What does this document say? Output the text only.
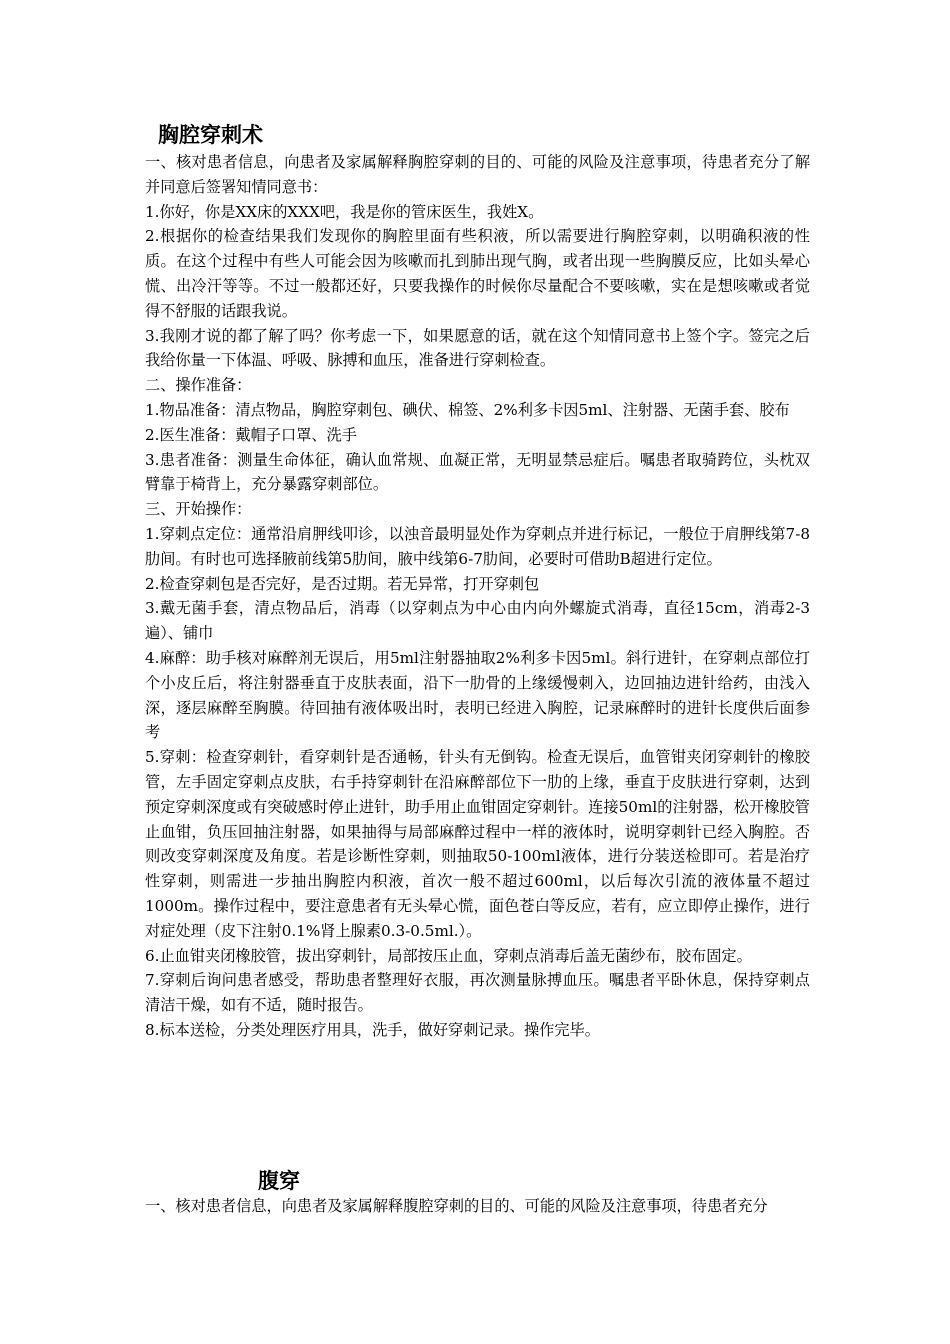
胸腔穿刺术

一、核对患者信息，向患者及家属解释胸腔穿刺的目的、可能的风险及注意事项，待患者充分了解并同意后签署知情同意书：

1.你好，你是XX床的XXX吧，我是你的管床医生，我姓X。

2.根据你的检查结果我们发现你的胸腔里面有些积液，所以需要进行胸腔穿刺，以明确积液的性质。在这个过程中有些人可能会因为咳嗽而扎到肺出现气胸，或者出现一些胸膜反应，比如头晕心慌、出冷汗等等。不过一般都还好，只要我操作的时候你尽量配合不要咳嗽，实在是想咳嗽或者觉得不舒服的话跟我说。

3.我刚才说的都了解了吗？你考虑一下，如果愿意的话，就在这个知情同意书上签个字。签完之后我给你量一下体温、呼吸、脉搏和血压，准备进行穿刺检查。

二、操作准备：

1.物品准备：清点物品，胸腔穿刺包、碘伏、棉签、2%利多卡因5ml、注射器、无菌手套、胶布

2.医生准备：戴帽子口罩、洗手

3.患者准备：测量生命体征，确认血常规、血凝正常，无明显禁忌症后。嘱患者取骑跨位，头枕双臂靠于椅背上，充分暴露穿刺部位。

三、开始操作：

1.穿刺点定位：通常沿肩胛线叩诊，以浊音最明显处作为穿刺点并进行标记，一般位于肩胛线第7-8肋间。有时也可选择腋前线第5肋间，腋中线第6-7肋间，必要时可借助B超进行定位。

2.检查穿刺包是否完好，是否过期。若无异常，打开穿刺包

3.戴无菌手套，清点物品后，消毒（以穿刺点为中心由内向外螺旋式消毒，直径15cm，消毒2-3遍）、铺巾

4.麻醉：助手核对麻醉剂无误后，用5ml注射器抽取2%利多卡因5ml。斜行进针，在穿刺点部位打个小皮丘后，将注射器垂直于皮肤表面，沿下一肋骨的上缘缓慢刺入，边回抽边进针给药，由浅入深，逐层麻醉至胸膜。待回抽有液体吸出时，表明已经进入胸腔，记录麻醉时的进针长度供后面参考

5.穿刺：检查穿刺针，看穿刺针是否通畅，针头有无倒钩。检查无误后，血管钳夹闭穿刺针的橡胶管，左手固定穿刺点皮肤，右手持穿刺针在沿麻醉部位下一肋的上缘，垂直于皮肤进行穿刺，达到预定穿刺深度或有突破感时停止进针，助手用止血钳固定穿刺针。连接50ml的注射器，松开橡胶管止血钳，负压回抽注射器，如果抽得与局部麻醉过程中一样的液体时，说明穿刺针已经入胸腔。否则改变穿刺深度及角度。若是诊断性穿刺，则抽取50-100ml液体，进行分装送检即可。若是治疗性穿刺，则需进一步抽出胸腔内积液，首次一般不超过600ml，以后每次引流的液体量不超过1000m。操作过程中，要注意患者有无头晕心慌，面色苍白等反应，若有，应立即停止操作，进行对症处理（皮下注射0.1%肾上腺素0.3-0.5ml.）。

6.止血钳夹闭橡胶管，拔出穿刺针，局部按压止血，穿刺点消毒后盖无菌纱布，胶布固定。

7.穿刺后询问患者感受，帮助患者整理好衣服，再次测量脉搏血压。嘱患者平卧休息，保持穿刺点清洁干燥，如有不适，随时报告。

8.标本送检，分类处理医疗用具，洗手，做好穿刺记录。操作完毕。

腹穿

一、核对患者信息，向患者及家属解释腹腔穿刺的目的、可能的风险及注意事项，待患者充分
